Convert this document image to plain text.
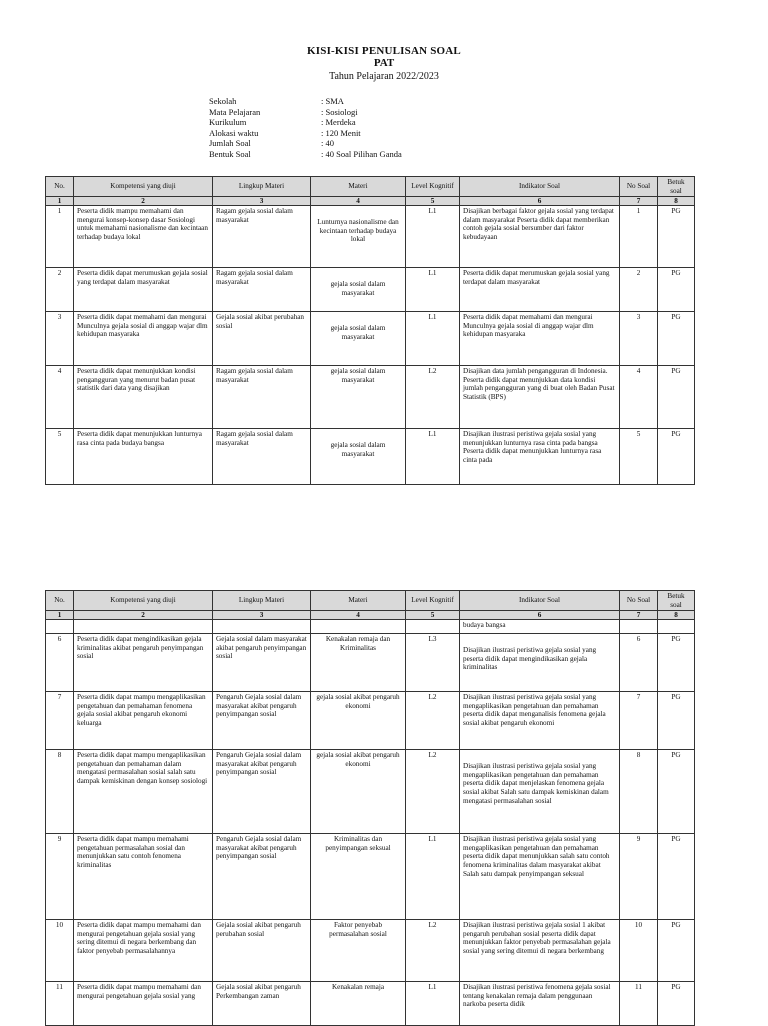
KISI-KISI PENULISAN SOAL
PAT
Tahun Pelajaran 2022/2023
Sekolah	: SMA
Mata Pelajaran	: Sosiologi
Kurikulum	: Merdeka
Alokasi waktu	: 120 Menit
Jumlah Soal	: 40
Bentuk Soal	: 40 Soal Pilihan Ganda
No.	Kompetensi yang diuji	Lingkup Materi	Materi	Level Kognitif	Indikator Soal	No Soal	Betuk soal
1	2	3	4	5	6	7	8
1	Peserta didik mampu memahami dan mengurai konsep-konsep dasar Sosiologi untuk memahami nasionalisme dan kecintaan terhadap budaya lokal	Ragam gejala sosial dalam masyarakat	Lunturnya nasionalisme dan kecintaan terhadap budaya lokal	L1	Disajikan berbagai faktor gejala sosial yang terdapat dalam masyarakat Peserta didik dapat memberikan contoh gejala sosial bersumber dari faktor kebudayaan	1	PG
2	Peserta didik dapat merumuskan gejala sosial yang terdapat dalam masyarakat	Ragam gejala sosial dalam masyarakat	gejala sosial dalam masyarakat	L1	Peserta didik dapat merumuskan gejala sosial yang terdapat dalam masyarakat	2	PG
3	Peserta didik dapat memahami dan mengurai Munculnya gejala sosial di anggap wajar dlm kehidupan masyaraka	Gejala sosial akibat perubahan sosial	gejala sosial dalam masyarakat	L1	Peserta didik dapat memahami dan mengurai Munculnya gejala sosial di anggap wajar dlm kehidupan masyaraka	3	PG
4	Peserta didik dapat menunjukkan kondisi pengangguran yang menurut badan pusat statistik dari data yang disajikan	Ragam gejala sosial dalam masyarakat	gejala sosial dalam masyarakat	L2	Disajikan data jumlah pengangguran di Indonesia. Peserta didik dapat menunjukkan data kondisi jumlah pengangguran yang di buat oleh Badan Pusat Statistik (BPS)	4	PG
5	Peserta didik dapat menunjukkan lunturnya rasa cinta pada budaya bangsa	Ragam gejala sosial dalam masyarakat	gejala sosial dalam masyarakat	L1	Disajikan ilustrasi peristiwa gejala sosial yang menunjukkan lunturnya rasa cinta pada bangsa Peserta didik dapat menunjukkan lunturnya rasa cinta pada	5	PG
No.	Kompetensi yang diuji	Lingkup Materi	Materi	Level Kognitif	Indikator Soal	No Soal	Betuk soal
1	2	3	4	5	6	7	8
					budaya bangsa		
6	Peserta didik dapat mengindikasikan gejala kriminalitas akibat pengaruh penyimpangan sosial	Gejala sosial dalam masyarakat akibat pengaruh penyimpangan sosial	Kenakalan remaja dan Kriminalitas	L3	Disajikan ilustrasi peristiwa gejala sosial yang peserta didik dapat mengindikasikan gejala kriminalitas	6	PG
7	Peserta didik dapat mampu mengaplikasikan pengetahuan dan pemahaman fenomena gejala sosial akibat pengaruh ekonomi keluarga	Pengaruh Gejala sosial dalam masyarakat akibat pengaruh penyimpangan sosial	gejala sosial akibat pengaruh ekonomi	L2	Disajikan ilustrasi peristiwa gejala sosial yang mengaplikasikan pengetahuan dan pemahaman peserta didik dapat menganalisis fenomena gejala sosial akibat pengaruh ekonomi	7	PG
8	Peserta didik dapat mampu mengaplikasikan pengetahuan dan pemahaman dalam mengatasi permasalahan sosial salah satu dampak kemiskinan dengan konsep sosiologi	Pengaruh Gejala sosial dalam masyarakat akibat pengaruh penyimpangan sosial	gejala sosial akibat pengaruh ekonomi	L2	Disajikan ilustrasi peristiwa gejala sosial yang mengaplikasikan pengetahuan dan pemahaman peserta didik dapat menjelaskan fenomena gejala sosial akibat Salah satu dampak kemiskinan dalam mengatasi permasalahan sosial	8	PG
9	Peserta didik dapat mampu memahami pengetahuan permasalahan sosial dan menunjukkan satu contoh fenomena kriminalitas	Pengaruh Gejala sosial dalam masyarakat akibat pengaruh penyimpangan sosial	Kriminalitas dan penyimpangan seksual	L1	Disajikan ilustrasi peristiwa gejala sosial yang mengaplikasikan pengetahuan dan pemahaman peserta didik dapat menunjukkan salah satu contoh fenomena kriminalitas dalam masyarakat akibat Salah satu dampak penyimpangan seksual	9	PG
10	Peserta didik dapat mampu memahami dan mengurai pengetahuan gejala sosial yang sering ditemui di negara berkembang dan faktor penyebab permasalahannya	Gejala sosial akibat pengaruh perubahan sosial	Faktor penyebab permasalahan sosial	L2	Disajikan ilustrasi peristiwa gejala sosial 1 akibat pengaruh perubahan sosial peserta didik dapat menunjukkan faktor penyebab permasalahan gejala sosial yang sering ditemui di negara berkembang	10	PG
11	Peserta didik dapat mampu memahami dan mengurai pengetahuan gejala sosial yang	Gejala sosial akibat pengaruh Perkembangan zaman	Kenakalan remaja	L1	Disajikan ilustrasi peristiwa fenomena gejala sosial tentang kenakalan remaja dalam penggunaan narkoba peserta didik	11	PG
